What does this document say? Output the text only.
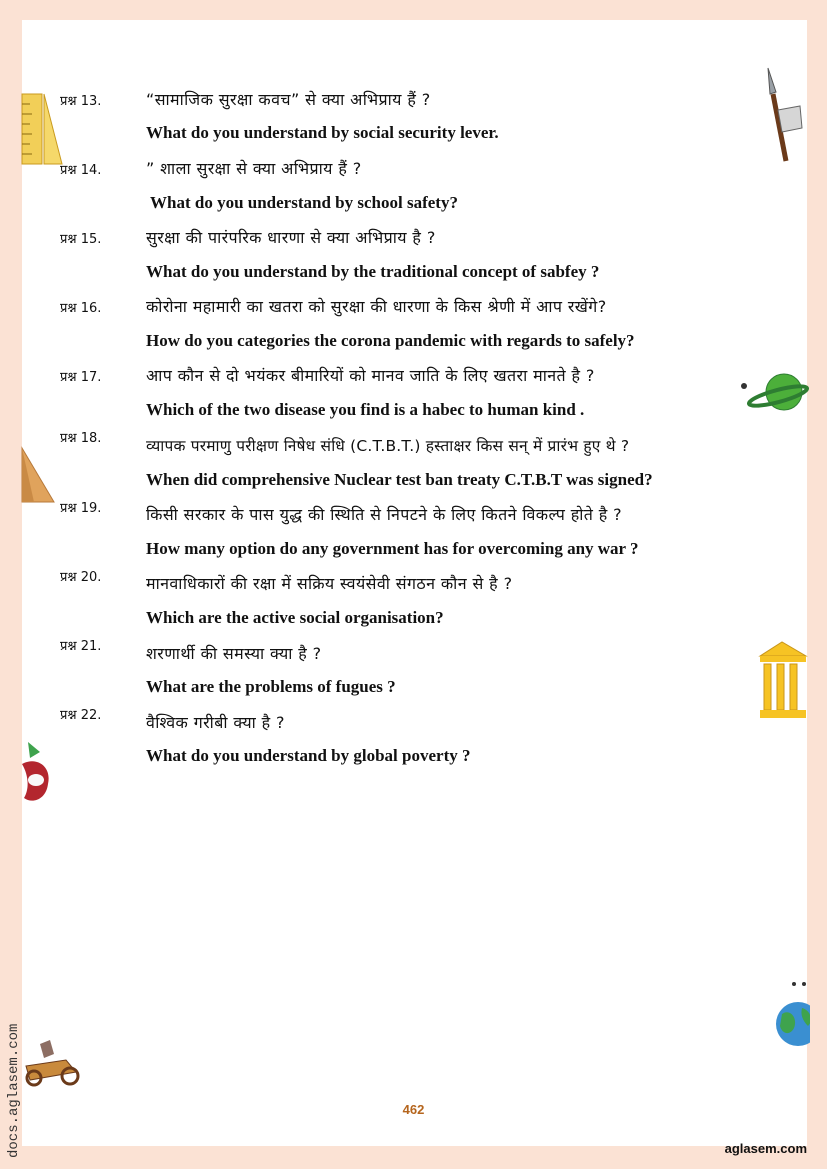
प्रश्न 13.	“सामाजिक सुरक्षा कवच” से क्या अभिप्राय हैं ?
What do you understand by social security lever.
प्रश्न 14.	” शाला सुरक्षा से क्या अभिप्राय हैं ?
What do you understand by school safety?
प्रश्न 15.	सुरक्षा की पारंपरिक धारणा से क्या अभिप्राय है ?
What do you understand by the traditional concept of sabfey ?
प्रश्न 16.	कोरोना महामारी का खतरा को सुरक्षा की धारणा के किस श्रेणी में आप रखेंगे?
How do you categories the corona pandemic with regards to safely?
प्रश्न 17.	आप कौन से दो भयंकर बीमारियों को मानव जाति के लिए खतरा मानते है ?
Which of the two disease you find is a habec to human kind .
प्रश्न 18.	व्यापक परमाणु परीक्षण निषेध संधि (C.T.B.T.) हस्ताक्षर किस सन् में प्रारंभ हुए थे ?
When did comprehensive Nuclear test ban treaty C.T.B.T was signed?
प्रश्न 19.	किसी सरकार के पास युद्ध की स्थिति से निपटने के लिए कितने विकल्प होते है ?
How many option do any government has for overcoming any war ?
प्रश्न 20.	मानवाधिकारों की रक्षा में सक्रिय स्वयंसेवी संगठन कौन से है ?
Which are the active social organisation?
प्रश्न 21.	शरणार्थी की समस्या क्या है ?
What are the problems of fugues ?
प्रश्न 22.	वैश्विक गरीबी क्या है ?
What do you understand by global poverty ?
462
aglasem.com
docs.aglasem.com
